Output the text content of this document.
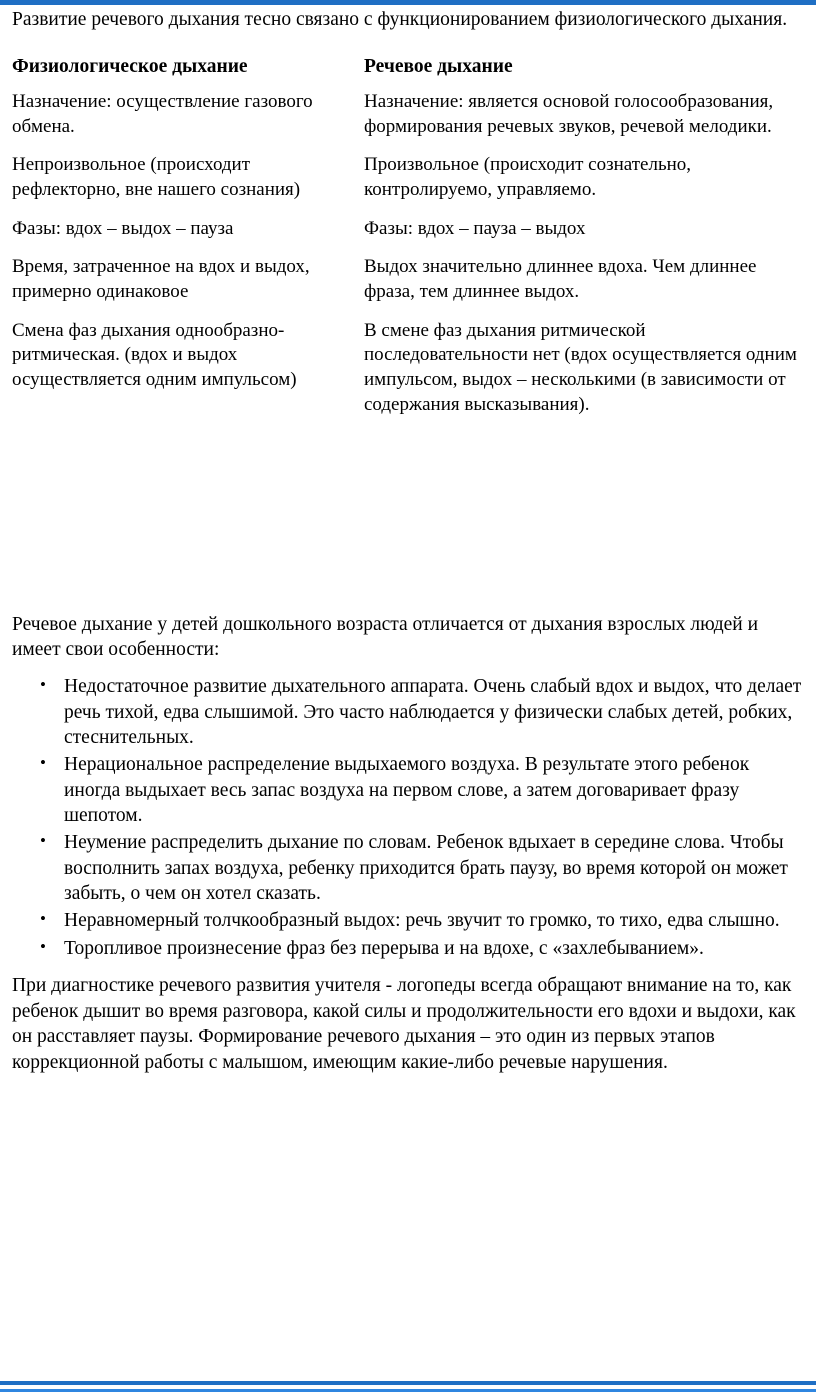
Развитие речевого дыхания тесно связано с функционированием физиологического дыхания.

Физиологическое дыхание

Назначение: осуществление газового обмена.

Непроизвольное (происходит рефлекторно, вне нашего сознания)

Фазы: вдох – выдох – пауза

Время, затраченное на вдох и выдох, примерно одинаковое

Смена фаз дыхания однообразно-ритмическая. (вдох и выдох осуществляется одним импульсом)

Речевое дыхание

Назначение: является основой голосообразования, формирования речевых звуков, речевой мелодики.

Произвольное (происходит сознательно, контролируемо, управляемо.

Фазы: вдох – пауза – выдох

Выдох значительно длиннее вдоха. Чем длиннее фраза, тем длиннее выдох.

В смене фаз дыхания ритмической последовательности нет (вдох осуществляется одним импульсом, выдох – несколькими (в зависимости от содержания высказывания).

Речевое дыхание у детей дошкольного возраста отличается от дыхания взрослых людей и имеет свои особенности:

• Недостаточное развитие дыхательного аппарата. Очень слабый вдох и выдох, что делает речь тихой, едва слышимой. Это часто наблюдается у физически слабых детей, робких, стеснительных.
• Нерациональное распределение выдыхаемого воздуха. В результате этого ребенок иногда выдыхает весь запас воздуха на первом слове, а затем договаривает фразу шепотом.
• Неумение распределить дыхание по словам. Ребенок вдыхает в середине слова. Чтобы восполнить запах воздуха, ребенку приходится брать паузу, во время которой он может забыть, о чем он хотел сказать.
• Неравномерный толчкообразный выдох: речь звучит то громко, то тихо, едва слышно.
• Торопливое произнесение фраз без перерыва и на вдохе, с «захлебыванием».

При диагностике речевого развития учителя - логопеды всегда обращают внимание на то, как ребенок дышит во время разговора, какой силы и продолжительности его вдохи и выдохи, как он расставляет паузы. Формирование речевого дыхания – это один из первых этапов коррекционной работы с малышом, имеющим какие-либо речевые нарушения.
